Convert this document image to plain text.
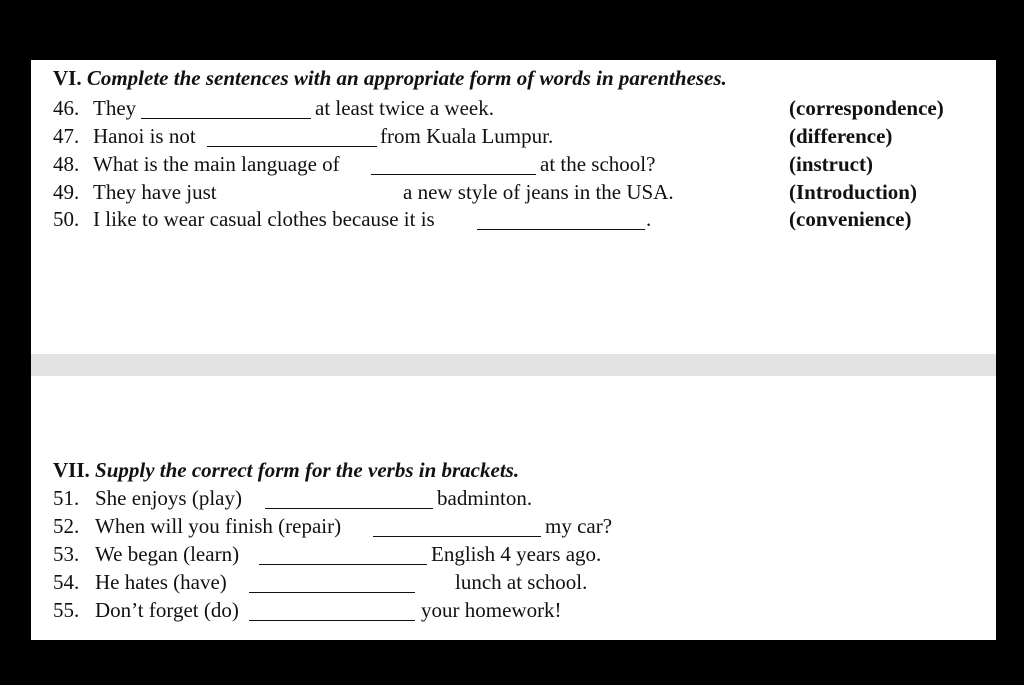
VI. Complete the sentences with an appropriate form of words in parentheses.
46. They	at least twice a week.	(correspondence)
47. Hanoi is not	from Kuala Lumpur.	(difference)
48. What is the main language of	at the school?	(instruct)
49. They have just	a new style of jeans in the USA.	(Introduction)
50. I like to wear casual clothes because it is	.	(convenience)
VII. Supply the correct form for the verbs in brackets.
51. She enjoys (play)	badminton.
52. When will you finish (repair)	my car?
53. We began (learn)	English 4 years ago.
54. He hates (have)	lunch at school.
55. Don’t forget (do)	your homework!
